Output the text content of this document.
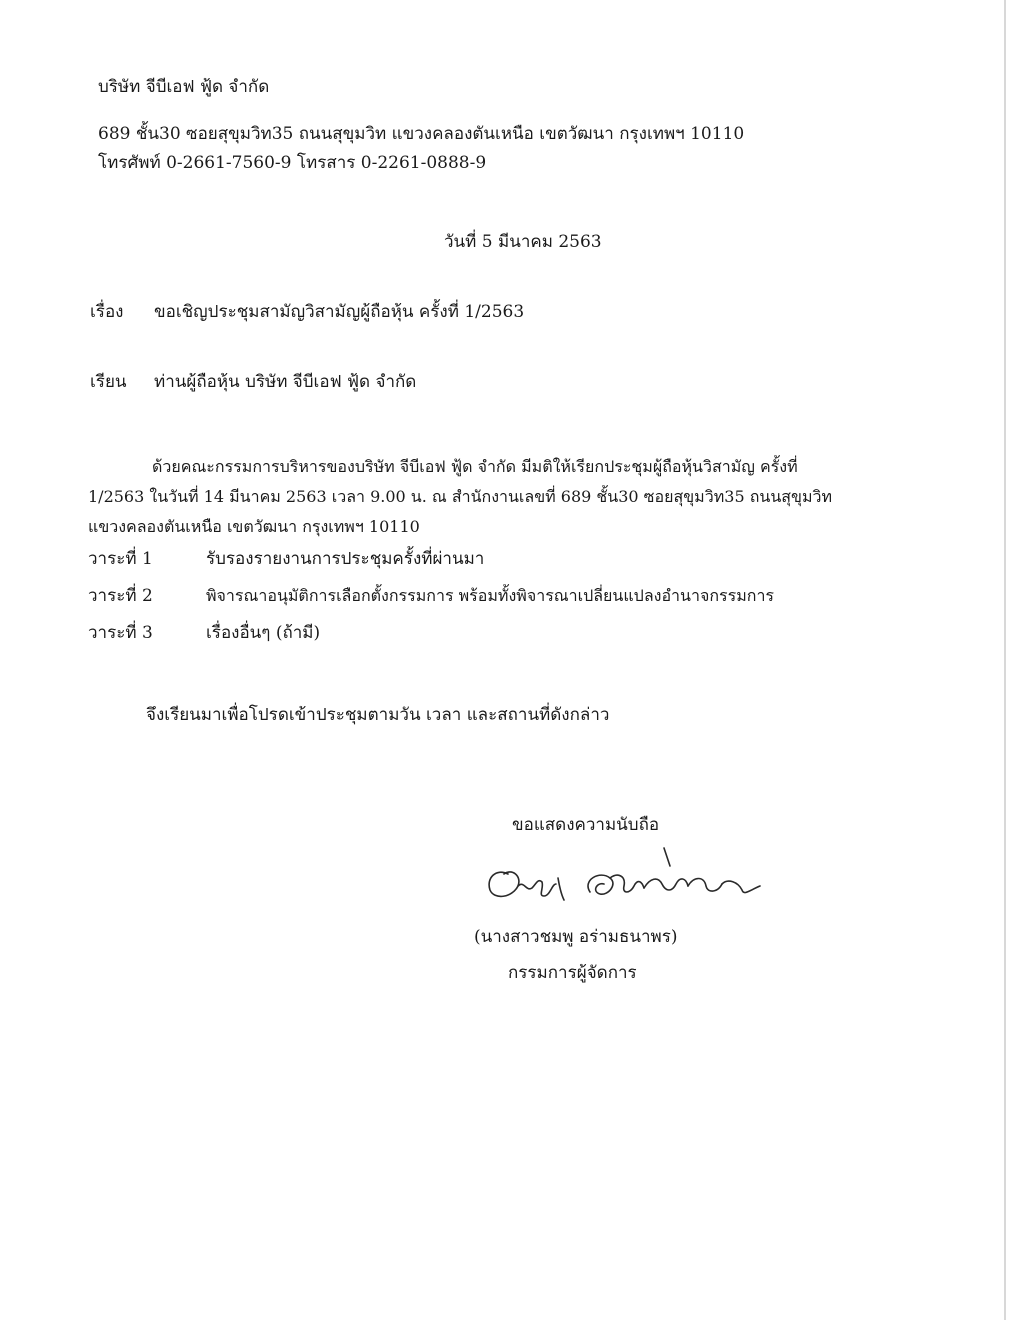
บริษัท จีบีเอฟ ฟู้ด จำกัด
689 ชั้น30 ซอยสุขุมวิท35 ถนนสุขุมวิท แขวงคลองตันเหนือ เขตวัฒนา กรุงเทพฯ 10110
โทรศัพท์ 0-2661-7560-9 โทรสาร 0-2261-0888-9
วันที่ 5 มีนาคม 2563
เรื่อง ขอเชิญประชุมสามัญวิสามัญผู้ถือหุ้น ครั้งที่ 1/2563
เรียน ท่านผู้ถือหุ้น บริษัท จีบีเอฟ ฟู้ด จำกัด
ด้วยคณะกรรมการบริหารของบริษัท จีบีเอฟ ฟู้ด จำกัด มีมติให้เรียกประชุมผู้ถือหุ้นวิสามัญ ครั้งที่
1/2563 ในวันที่ 14 มีนาคม 2563 เวลา 9.00 น. ณ สำนักงานเลขที่ 689 ชั้น30 ซอยสุขุมวิท35 ถนนสุขุมวิท
แขวงคลองตันเหนือ เขตวัฒนา กรุงเทพฯ 10110
วาระที่ 1	รับรองรายงานการประชุมครั้งที่ผ่านมา
วาระที่ 2	พิจารณาอนุมัติการเลือกตั้งกรรมการ พร้อมทั้งพิจารณาเปลี่ยนแปลงอำนาจกรรมการ
วาระที่ 3	เรื่องอื่นๆ (ถ้ามี)
จึงเรียนมาเพื่อโปรดเข้าประชุมตามวัน เวลา และสถานที่ดังกล่าว
ขอแสดงความนับถือ
(นางสาวชมพู อร่ามธนาพร)
กรรมการผู้จัดการ
